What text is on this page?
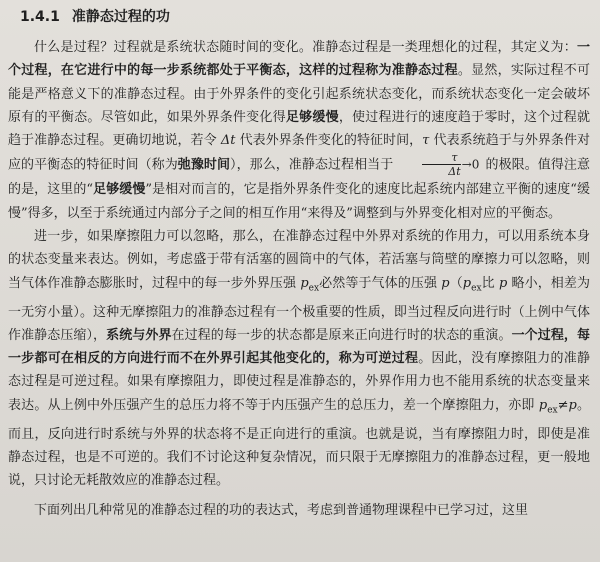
1.4.1 准静态过程的功

什么是过程？过程就是系统状态随时间的变化。准静态过程是一类理想化的过程，其定义为：一个过程，在它进行中的每一步系统都处于平衡态，这样的过程称为准静态过程。显然，实际过程不可能是严格意义下的准静态过程。由于外界条件的变化引起系统状态变化，而系统状态变化一定会破坏原有的平衡态。尽管如此，如果外界条件变化得足够缓慢，使过程进行的速度趋于零时，这个过程就趋于准静态过程。更确切地说，若令 Δt 代表外界条件变化的特征时间，τ 代表系统趋于与外界条件对应的平衡态的特征时间（称为弛豫时间），那么，准静态过程相当于	$\frac{\tau}{\Delta t} \to 0$ 的极限。值得注意的是，这里的“足够缓慢”是相对而言的，它是指外界条件变化的速度比起系统内部建立平衡的速度“缓慢”得多，以至于系统通过内部分子之间的相互作用“来得及”调整到与外界变化相对应的平衡态。

进一步，如果摩擦阻力可以忽略，那么，在准静态过程中外界对系统的作用力，可以用系统本身的状态变量来表达。例如，考虑盛于带有活塞的圆筒中的气体，若活塞与筒壁的摩擦力可以忽略，则当气体作准静态膨胀时，过程中的每一步外界压强 $p_{ex}$必然等于气体的压强 $p(p_{ex}$比 p 略小，相差为一无穷小量）。这种无摩擦阻力的准静态过程有一个极重要的性质，即当过程反向进行时（上例中气体作准静态压缩），系统与外界在过程的每一步的状态都是原来正向进行时的状态的重演。一个过程，每一步都可在相反的方向进行而不在外界引起其他变化的，称为可逆过程。因此，没有摩擦阻力的准静态过程是可逆过程。如果有摩擦阻力，即使过程是准静态的，外界作用力也不能用系统的状态变量来表达。从上例中外压强产生的总压力将不等于内压强产生的总压力，差一个摩擦阻力，亦即 $p_{ex}\ne p$。而且，反向进行时系统与外界的状态将不是正向进行的重演。也就是说，当有摩擦阻力时，即使是准静态过程，也是不可逆的。我们不讨论这种复杂情况，而只限于无摩擦阻力的准静态过程，更一般地说，只讨论无耗散效应的准静态过程。

下面列出几种常见的准静态过程的功的表达式，考虑到普通物理课程中已学习过，这里
